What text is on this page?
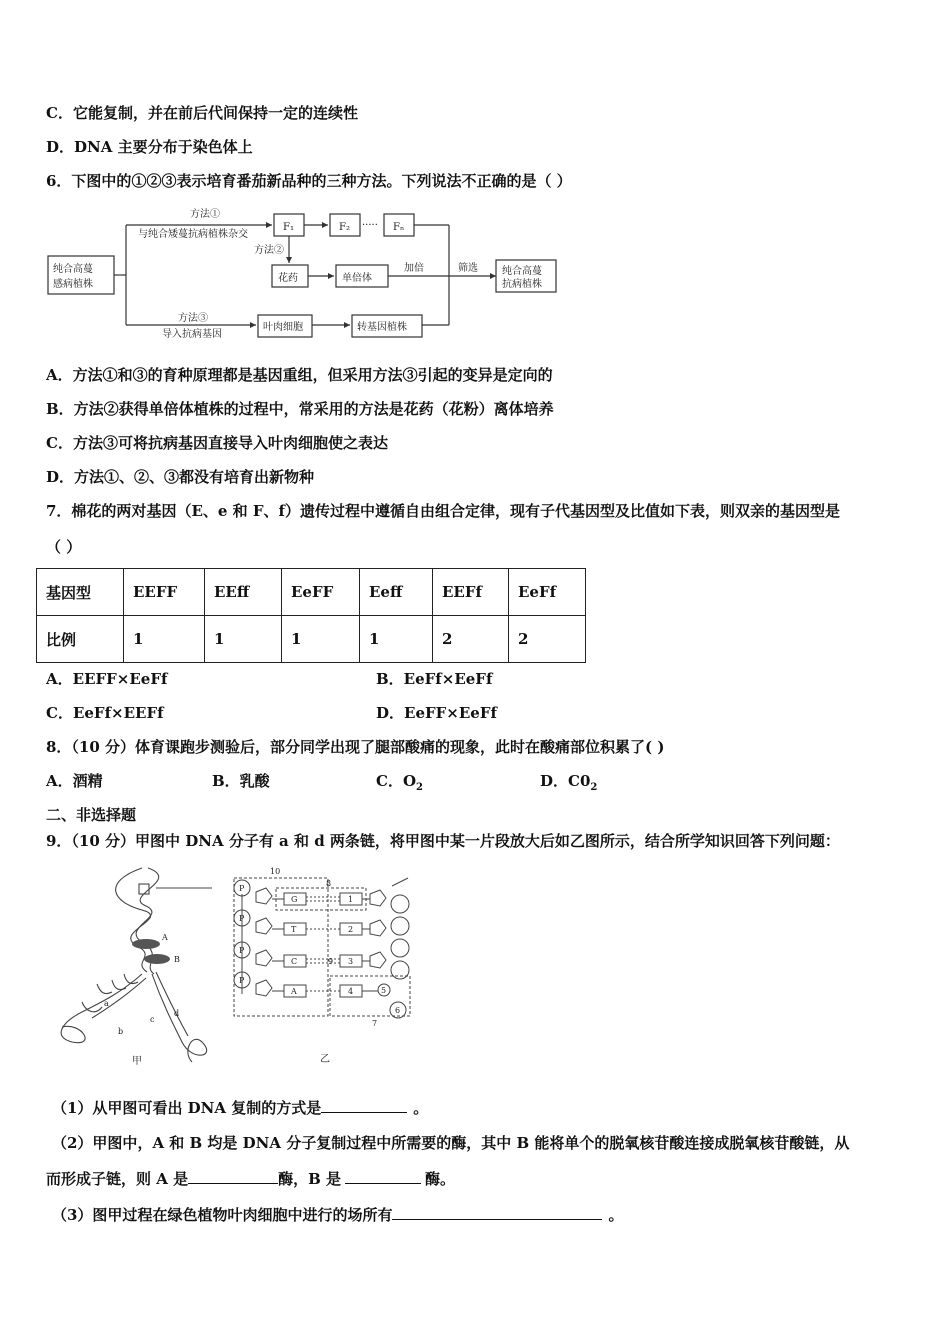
C．它能复制，并在前后代间保持一定的连续性
D．DNA 主要分布于染色体上
6．下图中的①②③表示培育番茄新品种的三种方法。下列说法不正确的是（ ）
纯合高蔓
感病植株
方法①
与纯合矮蔓抗病植株杂交
F₁	F₂ ····· Fₙ
方法②
花药	单倍体
加倍	筛选 纯合高蔓
抗病植株
方法③
导入抗病基因
叶肉细胞	转基因植株
A．方法①和③的育种原理都是基因重组，但采用方法③引起的变异是定向的
B．方法②获得单倍体植株的过程中，常采用的方法是花药（花粉）离体培养
C．方法③可将抗病基因直接导入叶肉细胞使之表达
D．方法①、②、③都没有培育出新物种
7．棉花的两对基因（E、e 和 F、f）遗传过程中遵循自由组合定律，现有子代基因型及比值如下表，则双亲的基因型是
（ ）
基因型	EEFF	EEff	EeFF	Eeff	EEFf	EeFf
比例	1	1	1	1	2	2
A．EEFF×EeFf	B．EeFf×EeFf
C．EeFf×EEFf	D．EeFF×EeFf
8．（10 分）体育课跑步测验后，部分同学出现了腿部酸痛的现象，此时在酸痛部位积累了( )
A．酒精	B．乳酸	C．$O_2$	D．$C0_2$
二、非选择题
9．（10 分）甲图中 DNA 分子有 a 和 d 两条链，将甲图中某一片段放大后如乙图所示，结合所学知识回答下列问题：
A
B
a
b
c
d
甲
P
P
P
P
G
T
C
A
1
2
3
4	5
6
7
8
9
10
乙
（1）从甲图可看出 DNA 复制的方式是	。
（2）甲图中，A 和 B 均是 DNA 分子复制过程中所需要的酶，其中 B 能将单个的脱氧核苷酸连接成脱氧核苷酸链，从
而形成子链，则 A 是	酶，B 是	酶。
（3）图甲过程在绿色植物叶肉细胞中进行的场所有	。
